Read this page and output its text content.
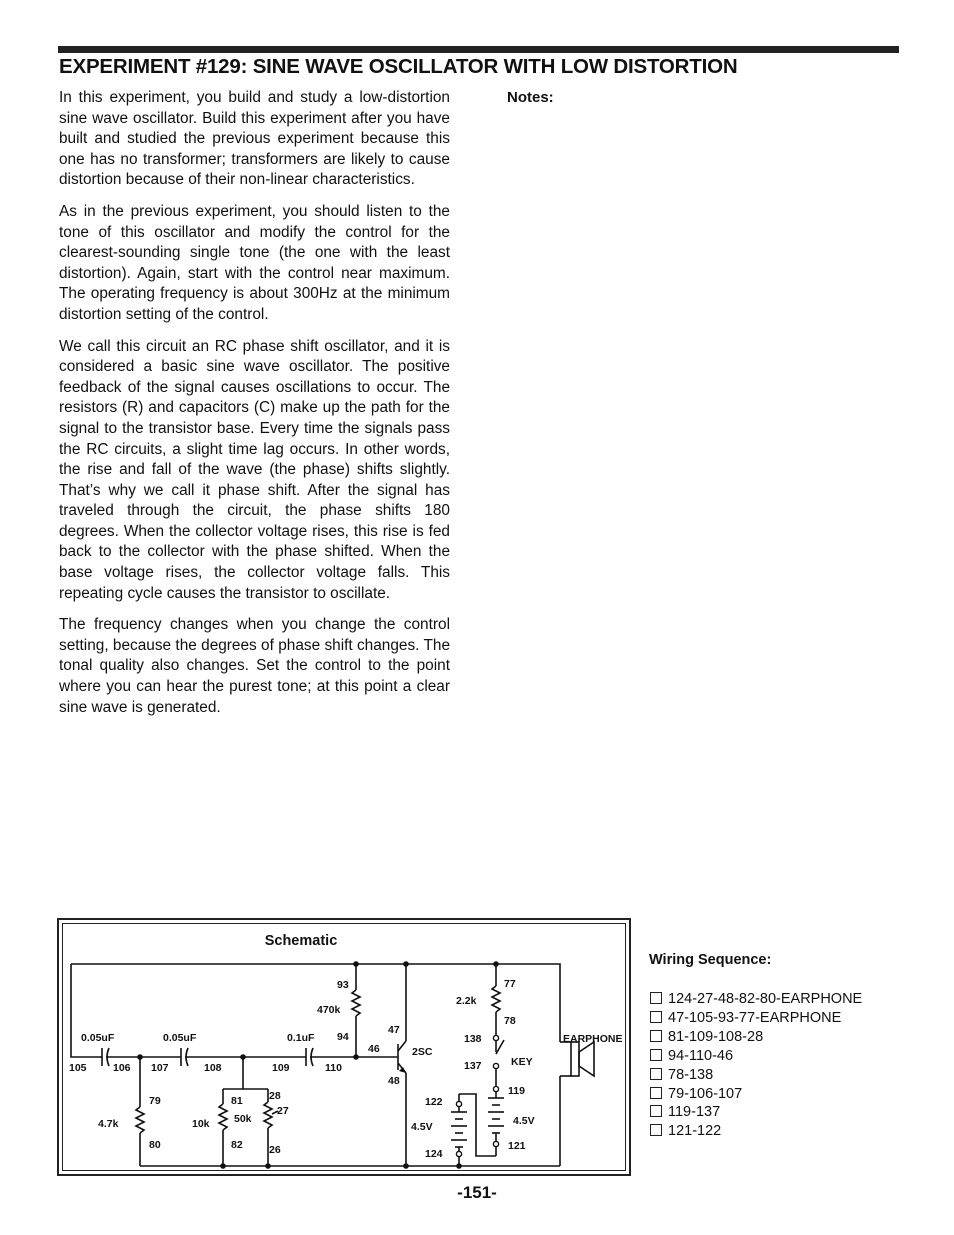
EXPERIMENT #129: SINE WAVE OSCILLATOR WITH LOW DISTORTION

In this experiment, you build and study a low-distortion sine wave oscillator. Build this experiment after you have built and studied the previous experiment because this one has no transformer; transformers are likely to cause distortion because of their non-linear characteristics.

As in the previous experiment, you should listen to the tone of this oscillator and modify the control for the clearest-sounding single tone (the one with the least distortion). Again, start with the control near maximum. The operating frequency is about 300Hz at the minimum distortion setting of the control.

We call this circuit an RC phase shift oscillator, and it is considered a basic sine wave oscillator. The positive feedback of the signal causes oscillations to occur. The resistors (R) and capacitors (C) make up the path for the signal to the transistor base. Every time the signals pass the RC circuits, a slight time lag occurs. In other words, the rise and fall of the wave (the phase) shifts slightly. That’s why we call it phase shift. After the signal has traveled through the circuit, the phase shifts 180 degrees. When the collector voltage rises, this rise is fed back to the collector with the phase shifted. When the base voltage rises, the collector voltage falls. This repeating cycle causes the transistor to oscillate.

The frequency changes when you change the control setting, because the degrees of phase shift changes. The tonal quality also changes. Set the control to the point where you can hear the purest tone; at this point a clear sine wave is generated.

Notes:
Schematic
0.05uF	0.05uF	0.1uF
105	106 107	108	109	110
79
4.7k
80
81
10k
82
28
27
50k
26
93
470k
94
47
46	2SC
48
2.2k
77
78
138
137	KEY
119
4.5V
121
122
4.5V
124
EARPHONE
Wiring Sequence:
124-27-48-82-80-EARPHONE
47-105-93-77-EARPHONE
81-109-108-28
94-110-46
78-138
79-106-107
119-137
121-122
-151-
